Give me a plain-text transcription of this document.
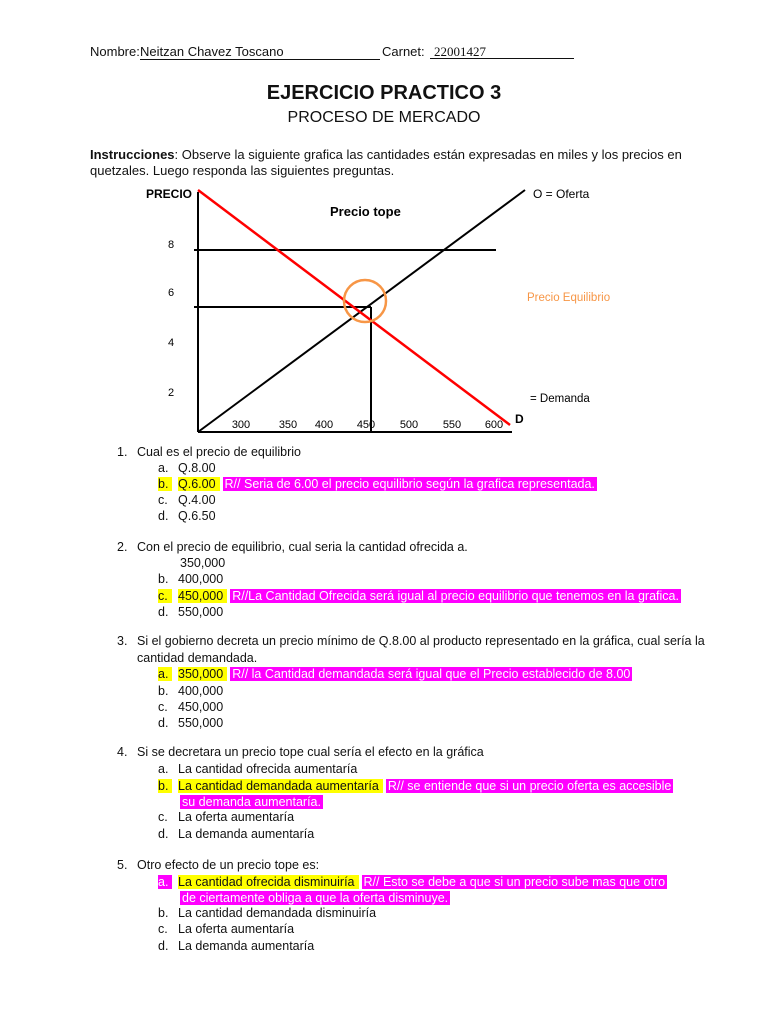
Nombre: Neitzan Chavez Toscano	Carnet: 22001427
EJERCICIO PRACTICO 3
PROCESO DE MERCADO
Instrucciones: Observe la siguiente grafica las cantidades están expresadas en miles y los precios en quetzales. Luego responda las siguientes preguntas.
PRECIO
Precio tope
8
6
4
2
300	350 400 450 500 550 600
O = Oferta
Precio Equilibrio
= Demanda
D
1. Cual es el precio de equilibrio
a. Q.8.00
b. Q.6.00 R// Seria de 6.00 el precio equilibrio según la grafica representada.
c. Q.4.00
d. Q.6.50
2. Con el precio de equilibrio, cual seria la cantidad ofrecida a.
350,000
b. 400,000
c. 450,000 R//La Cantidad Ofrecida será igual al precio equilibrio que tenemos en la grafica.
d. 550,000
3. Si el gobierno decreta un precio mínimo de Q.8.00 al producto representado en la gráfica, cual sería la
cantidad demandada.
a. 350,000 R// la Cantidad demandada será igual que el Precio establecido de 8.00
b. 400,000
c. 450,000
d. 550,000
4. Si se decretara un precio tope cual sería el efecto en la gráfica
a. La cantidad ofrecida aumentaría
b. La cantidad demandada aumentaría R// se entiende que si un precio oferta es accesible
su demanda aumentaría.
c. La oferta aumentaría
d. La demanda aumentaría
5. Otro efecto de un precio tope es:
a. La cantidad ofrecida disminuiría R// Esto se debe a que si un precio sube mas que otro
de ciertamente obliga a que la oferta disminuye.
b. La cantidad demandada disminuiría
c. La oferta aumentaría
d. La demanda aumentaría
